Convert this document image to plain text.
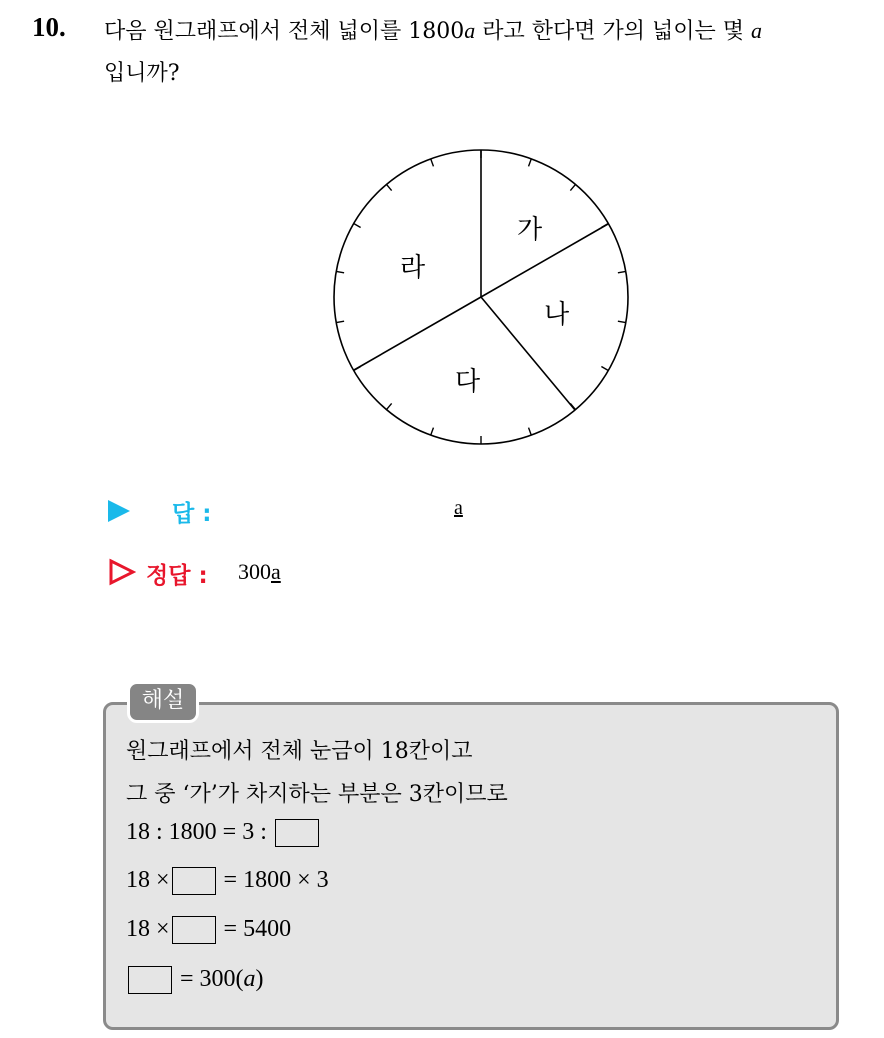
10. 다음 원그래프에서 전체 넓이를 1800a 라고 한다면 가의 넓이는 몇 a
입니까?
가
나
다
라
답 :	a
정답 : 300a
해설
원그래프에서 전체 눈금이 18칸이고
그 중 ‘가’가 차지하는 부분은 3칸이므로
18 : 1800 = 3 :
18 × = 1800 × 3
18 × = 5400
= 300(a)
